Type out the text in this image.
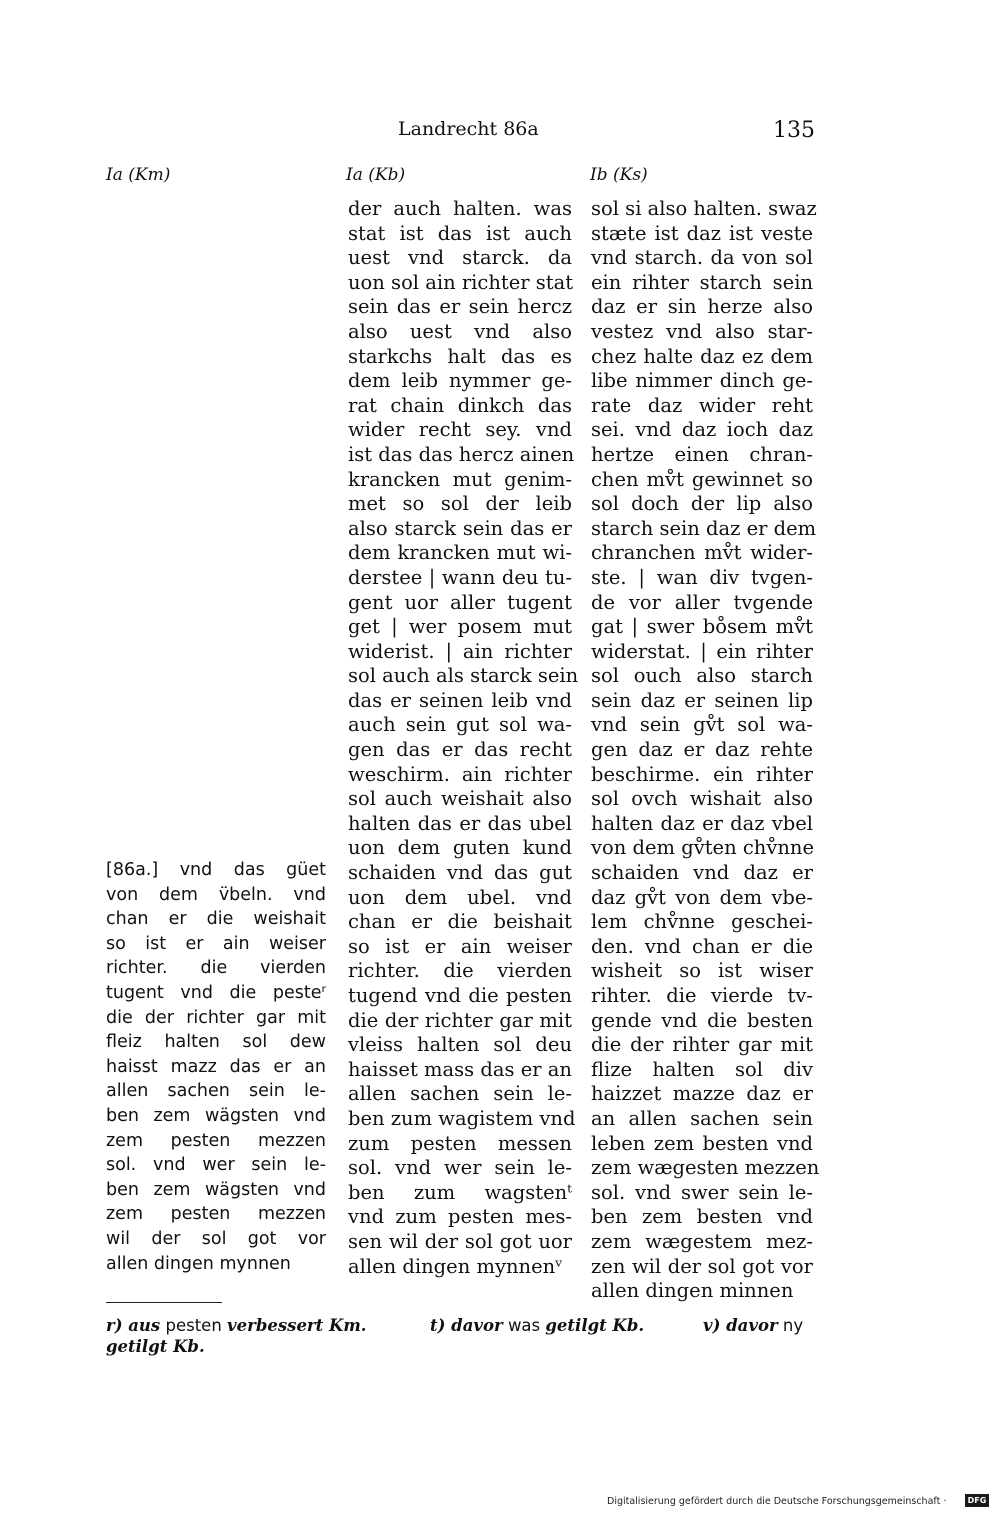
Landrecht 86a	135
Ia (Km)	Ia (Kb)	Ib (Ks)
[86a.] vnd das güet
von dem v̈beln. vnd
chan er die weishait
so ist er ain weiser
richter. die vierden
tugent vnd die pesteʳ
die der richter gar mit
fleiz halten sol dew
haisst mazz das er an
allen sachen sein le-
ben zem wägsten vnd
zem pesten mezzen
sol. vnd wer sein le-
ben zem wägsten vnd
zem pesten mezzen
wil der sol got vor
allen dingen mynnen
der auch halten. was
stat ist das ist auch
uest vnd starck. da
uon sol ain richter stat
sein das er sein hercz
also uest vnd also
starkchs halt das es
dem leib nymmer ge-
rat chain dinkch das
wider recht sey. vnd
ist das das hercz ainen
krancken mut genim-
met so sol der leib
also starck sein das er
dem krancken mut wi-
derstee | wann deu tu-
gent uor aller tugent
get | wer posem mut
widerist. | ain richter
sol auch als starck sein
das er seinen leib vnd
auch sein gut sol wa-
gen das er das recht
weschirm. ain richter
sol auch weishait also
halten das er das ubel
uon dem guten kund
schaiden vnd das gut
uon dem ubel. vnd
chan er die beishait
so ist er ain weiser
richter. die vierden
tugend vnd die pesten
die der richter gar mit
vleiss halten sol deu
haisset mass das er an
allen sachen sein le-
ben zum wagistem vnd
zum pesten messen
sol. vnd wer sein le-
ben zum wagstenᵗ
vnd zum pesten mes-
sen wil der sol got uor
allen dingen mynnenᵛ
sol si also halten. swaz
stæte ist daz ist veste
vnd starch. da von sol
ein rihter starch sein
daz er sin herze also
vestez vnd also star-
chez halte daz ez dem
libe nimmer dinch ge-
rate daz wider reht
sei. vnd daz ioch daz
hertze einen chran-
chen mv̊t gewinnet so
sol doch der lip also
starch sein daz er dem
chranchen mv̊t wider-
ste. | wan div tvgen-
de vor aller tvgende
gat | swer bo̊sem mv̊t
widerstat. | ein rihter
sol ouch also starch
sein daz er seinen lip
vnd sein gv̊t sol wa-
gen daz er daz rehte
beschirme. ein rihter
sol ovch wishait also
halten daz er daz vbel
von dem gv̊ten chv̊nne
schaiden vnd daz er
daz gv̊t von dem vbe-
lem chv̊nne geschei-
den. vnd chan er die
wisheit so ist wiser
rihter. die vierde tv-
gende vnd die besten
die der rihter gar mit
flize halten sol div
haizzet mazze daz er
an allen sachen sein
leben zem besten vnd
zem wægesten mezzen
sol. vnd swer sein le-
ben zem besten vnd
zem wægestem mez-
zen wil der sol got vor
allen dingen minnen
r) aus pesten verbessert Km.
getilgt Kb.
t) davor was getilgt Kb.	v) davor ny
Digitalisierung gefördert durch die Deutsche Forschungsgemeinschaft ·	DFG
